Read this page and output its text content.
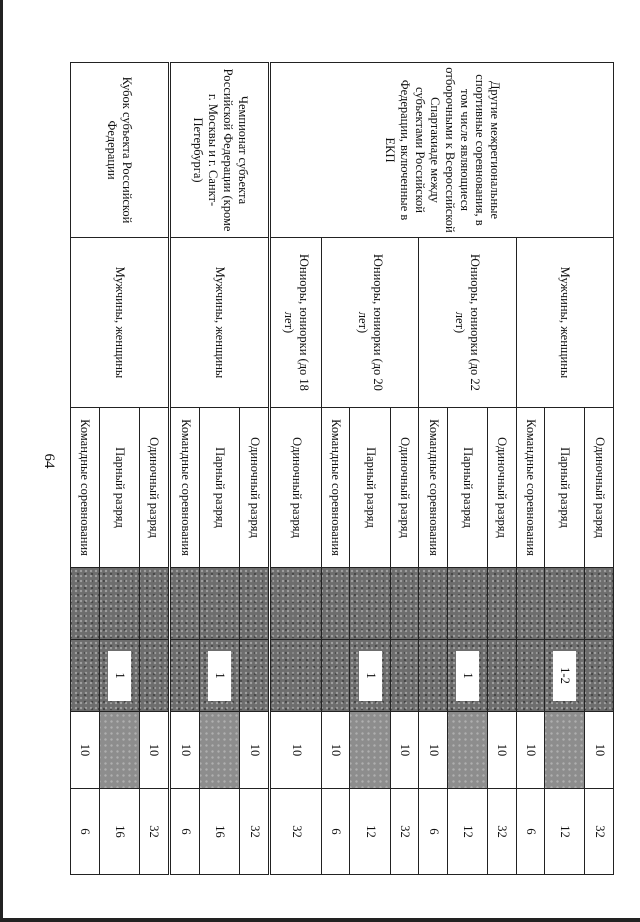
64
Другие межрегиональные спортивные соревнования, в том числе являющиеся отборочными к Всероссийской Спартакиаде между субъектами Российской Федерации, включенные в ЕКП	Мужчины, женщины	Одиночный разряд			10	32
		Парный разряд		1-2		12
		Командные соревнования			10	6
	Юниоры, юниорки (до 22 лет)	Одиночный разряд			10	32
		Парный разряд		1		12
		Командные соревнования			10	6
	Юниоры, юниорки (до 20 лет)	Одиночный разряд			10	32
		Парный разряд		1		12
		Командные соревнования			10	6
	Юниоры, юниорки (до 18 лет)	Одиночный разряд			10	32
Чемпионат субъекта Российской Федерации (кроме г. Москвы и г. Санкт-Петербурга)	Мужчины, женщины	Одиночный разряд			10	32
		Парный разряд		1		16
		Командные соревнования			10	6
Кубок субъекта Российской Федерации	Мужчины, женщины	Одиночный разряд			10	32
		Парный разряд		1		16
		Командные соревнования			10	6
